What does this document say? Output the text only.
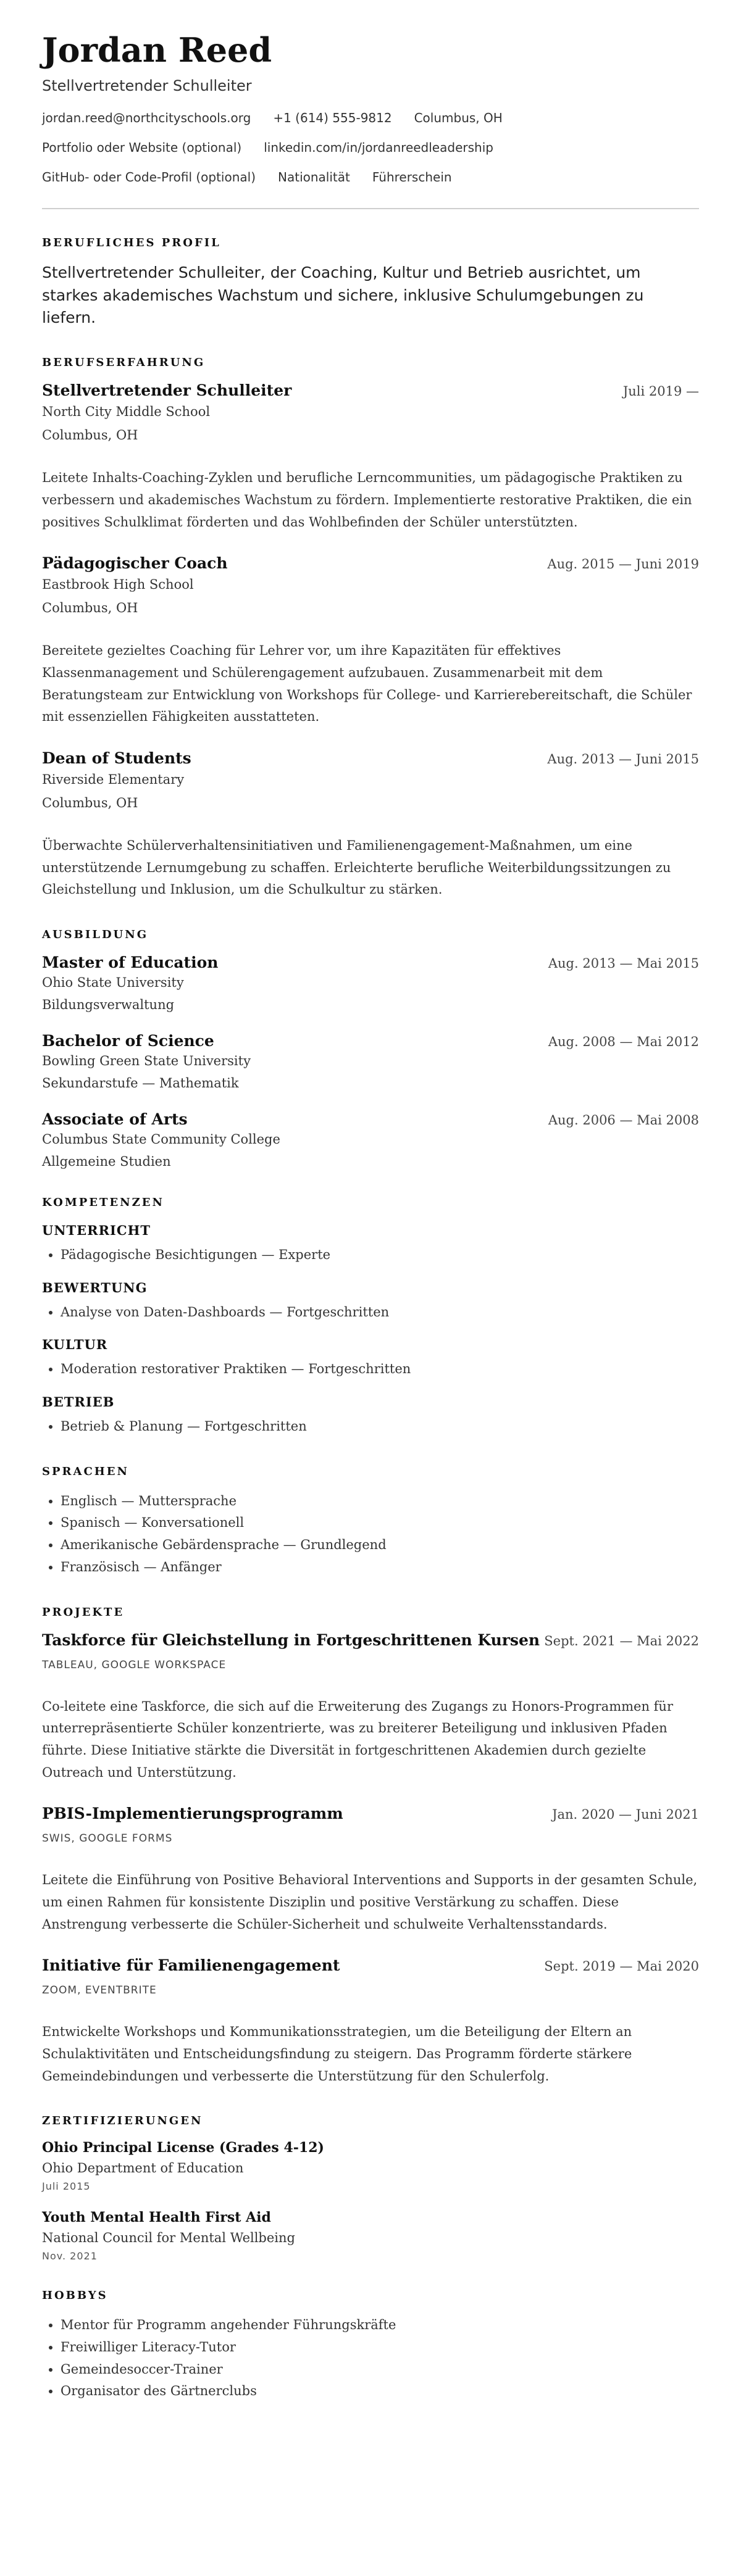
Jordan Reed
Stellvertretender Schulleiter
jordan.reed@northcityschools.org +1 (614) 555-9812 Columbus, OH
Portfolio oder Website (optional) linkedin.com/in/jordanreedleadership
GitHub- oder Code-Profil (optional) Nationalität Führerschein
BERUFLICHES PROFIL
Stellvertretender Schulleiter, der Coaching, Kultur und Betrieb ausrichtet, um starkes akademisches Wachstum und sichere, inklusive Schulumgebungen zu liefern.
BERUFSERFAHRUNG
Stellvertretender Schulleiter	Juli 2019 —
North City Middle School
Columbus, OH
Leitete Inhalts-Coaching-Zyklen und berufliche Lerncommunities, um pädagogische Praktiken zu verbessern und akademisches Wachstum zu fördern. Implementierte restorative Praktiken, die ein positives Schulklimat förderten und das Wohlbefinden der Schüler unterstützten.
Pädagogischer Coach	Aug. 2015 — Juni 2019
Eastbrook High School
Columbus, OH
Bereitete gezieltes Coaching für Lehrer vor, um ihre Kapazitäten für effektives Klassenmanagement und Schülerengagement aufzubauen. Zusammenarbeit mit dem Beratungsteam zur Entwicklung von Workshops für College- und Karrierebereitschaft, die Schüler mit essenziellen Fähigkeiten ausstatteten.
Dean of Students	Aug. 2013 — Juni 2015
Riverside Elementary
Columbus, OH
Überwachte Schülerverhaltensinitiativen und Familienengagement-Maßnahmen, um eine unterstützende Lernumgebung zu schaffen. Erleichterte berufliche Weiterbildungssitzungen zu Gleichstellung und Inklusion, um die Schulkultur zu stärken.
AUSBILDUNG
Master of Education	Aug. 2013 — Mai 2015
Ohio State University
Bildungsverwaltung
Bachelor of Science	Aug. 2008 — Mai 2012
Bowling Green State University
Sekundarstufe — Mathematik
Associate of Arts	Aug. 2006 — Mai 2008
Columbus State Community College
Allgemeine Studien
KOMPETENZEN
UNTERRICHT
• Pädagogische Besichtigungen — Experte
BEWERTUNG
• Analyse von Daten-Dashboards — Fortgeschritten
KULTUR
• Moderation restorativer Praktiken — Fortgeschritten
BETRIEB
• Betrieb & Planung — Fortgeschritten
SPRACHEN
• Englisch — Muttersprache
• Spanisch — Konversationell
• Amerikanische Gebärdensprache — Grundlegend
• Französisch — Anfänger
PROJEKTE
Taskforce für Gleichstellung in Fortgeschrittenen Kursen Sept. 2021 — Mai 2022
TABLEAU, GOOGLE WORKSPACE
Co-leitete eine Taskforce, die sich auf die Erweiterung des Zugangs zu Honors-Programmen für unterrepräsentierte Schüler konzentrierte, was zu breiterer Beteiligung und inklusiven Pfaden führte. Diese Initiative stärkte die Diversität in fortgeschrittenen Akademien durch gezielte Outreach und Unterstützung.
PBIS-Implementierungsprogramm	Jan. 2020 — Juni 2021
SWIS, GOOGLE FORMS
Leitete die Einführung von Positive Behavioral Interventions and Supports in der gesamten Schule, um einen Rahmen für konsistente Disziplin und positive Verstärkung zu schaffen. Diese Anstrengung verbesserte die Schüler-Sicherheit und schulweite Verhaltensstandards.
Initiative für Familienengagement	Sept. 2019 — Mai 2020
ZOOM, EVENTBRITE
Entwickelte Workshops und Kommunikationsstrategien, um die Beteiligung der Eltern an Schulaktivitäten und Entscheidungsfindung zu steigern. Das Programm förderte stärkere Gemeindebindungen und verbesserte die Unterstützung für den Schulerfolg.
ZERTIFIZIERUNGEN
Ohio Principal License (Grades 4-12)
Ohio Department of Education
Juli 2015
Youth Mental Health First Aid
National Council for Mental Wellbeing
Nov. 2021
HOBBYS
• Mentor für Programm angehender Führungskräfte
• Freiwilliger Literacy-Tutor
• Gemeindesoccer-Trainer
• Organisator des Gärtnerclubs
